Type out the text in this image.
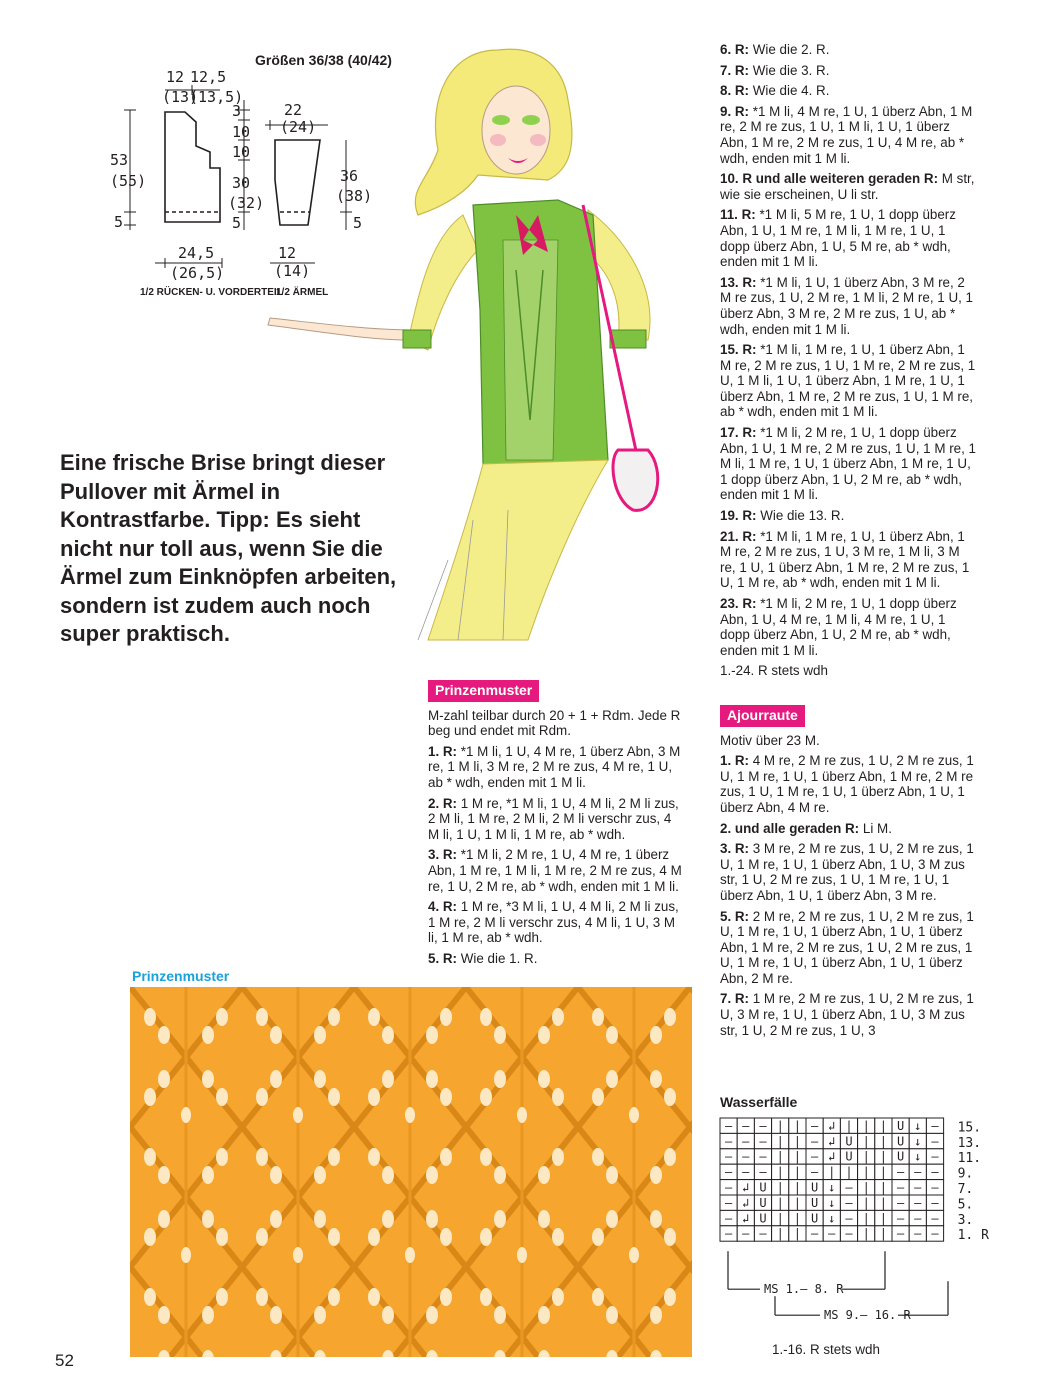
Größen 36/38 (40/42)
12 12,5
(13)
(13,5)
53
(55)
5
3
10
10
30
(32)
5
24,5
(26,5)
1/2 RÜCKEN- U. VORDERTEIL
22
(24)
36
(38)
5
12
(14)
1/2 ÄRMEL
Eine frische Brise bringt dieser Pullover mit Ärmel in Kontrastfarbe. Tipp: Es sieht nicht nur toll aus, wenn Sie die Ärmel zum Einknöpfen arbeiten, sondern ist zudem auch noch super praktisch.
Prinzenmuster

M-zahl teilbar durch 20 + 1 + Rdm. Jede R beg und endet mit Rdm.

1. R: *1 M li, 1 U, 4 M re, 1 überz Abn, 3 M re, 1 M li, 3 M re, 2 M re zus, 4 M re, 1 U, ab * wdh, enden mit 1 M li.

2. R: 1 M re, *1 M li, 1 U, 4 M li, 2 M li zus, 2 M li, 1 M re, 2 M li, 2 M li verschr zus, 4 M li, 1 U, 1 M li, 1 M re, ab * wdh.

3. R: *1 M li, 2 M re, 1 U, 4 M re, 1 überz Abn, 1 M re, 1 M li, 1 M re, 2 M re zus, 4 M re, 1 U, 2 M re, ab * wdh, enden mit 1 M li.

4. R: 1 M re, *3 M li, 1 U, 4 M li, 2 M li zus, 1 M re, 2 M li verschr zus, 4 M li, 1 U, 3 M li, 1 M re, ab * wdh.

5. R: Wie die 1. R.

6. R: Wie die 2. R.

7. R: Wie die 3. R.

8. R: Wie die 4. R.

9. R: *1 M li, 4 M re, 1 U, 1 überz Abn, 1 M re, 2 M re zus, 1 U, 1 M li, 1 U, 1 überz Abn, 1 M re, 2 M re zus, 1 U, 4 M re, ab * wdh, enden mit 1 M li.

10. R und alle weiteren geraden R: M str, wie sie erscheinen, U li str.

11. R: *1 M li, 5 M re, 1 U, 1 dopp überz Abn, 1 U, 1 M re, 1 M li, 1 M re, 1 U, 1 dopp überz Abn, 1 U, 5 M re, ab * wdh, enden mit 1 M li.

13. R: *1 M li, 1 U, 1 überz Abn, 3 M re, 2 M re zus, 1 U, 2 M re, 1 M li, 2 M re, 1 U, 1 überz Abn, 3 M re, 2 M re zus, 1 U, ab * wdh, enden mit 1 M li.

15. R: *1 M li, 1 M re, 1 U, 1 überz Abn, 1 M re, 2 M re zus, 1 U, 1 M re, 2 M re zus, 1 U, 1 M li, 1 U, 1 überz Abn, 1 M re, 1 U, 1 überz Abn, 1 M re, 2 M re zus, 1 U, 1 M re, ab * wdh, enden mit 1 M li.

17. R: *1 M li, 2 M re, 1 U, 1 dopp überz Abn, 1 U, 1 M re, 2 M re zus, 1 U, 1 M re, 1 M li, 1 M re, 1 U, 1 überz Abn, 1 M re, 1 U, 1 dopp überz Abn, 1 U, 2 M re, ab * wdh, enden mit 1 M li.

19. R: Wie die 13. R.

21. R: *1 M li, 1 M re, 1 U, 1 überz Abn, 1 M re, 2 M re zus, 1 U, 3 M re, 1 M li, 3 M re, 1 U, 1 überz Abn, 1 M re, 2 M re zus, 1 U, 1 M re, ab * wdh, enden mit 1 M li.

23. R: *1 M li, 2 M re, 1 U, 1 dopp überz Abn, 1 U, 4 M re, 1 M li, 4 M re, 1 U, 1 dopp überz Abn, 1 U, 2 M re, ab * wdh, enden mit 1 M li.

1.-24. R stets wdh

Ajourraute

Motiv über 23 M.

1. R: 4 M re, 2 M re zus, 1 U, 2 M re zus, 1 U, 1 M re, 1 U, 1 überz Abn, 1 M re, 2 M re zus, 1 U, 1 M re, 1 U, 1 überz Abn, 1 U, 1 überz Abn, 4 M re.

2. und alle geraden R: Li M.

3. R: 3 M re, 2 M re zus, 1 U, 2 M re zus, 1 U, 1 M re, 1 U, 1 überz Abn, 1 U, 3 M zus str, 1 U, 2 M re zus, 1 U, 1 M re, 1 U, 1 überz Abn, 1 U, 1 überz Abn, 3 M re.

5. R: 2 M re, 2 M re zus, 1 U, 2 M re zus, 1 U, 1 M re, 1 U, 1 überz Abn, 1 U, 1 überz Abn, 1 M re, 2 M re zus, 1 U, 2 M re zus, 1 U, 1 M re, 1 U, 1 überz Abn, 1 U, 1 überz Abn, 2 M re.

7. R: 1 M re, 2 M re zus, 1 U, 2 M re zus, 1 U, 3 M re, 1 U, 1 überz Abn, 1 U, 3 M zus str, 1 U, 2 M re zus, 1 U, 3

Prinzenmuster
Wasserfälle
– – – | | – ↲ | | | U ↓ – 15.
– – – | | – ↲ U | | U ↓ – 13.
– – – | | – ↲ U | | U ↓ – 11.
– – – | | – | | | | – – – 9.
– ↲ U | | U ↓ – | | – – – 7.
– ↲ U | | U ↓ – | | – – – 5.
– ↲ U | | U ↓ – | | – – – 3.
– – – | | – – – | | – – – 1. R
MS 1.– 8. R
MS 9.– 16. R
1.-16. R stets wdh
52
